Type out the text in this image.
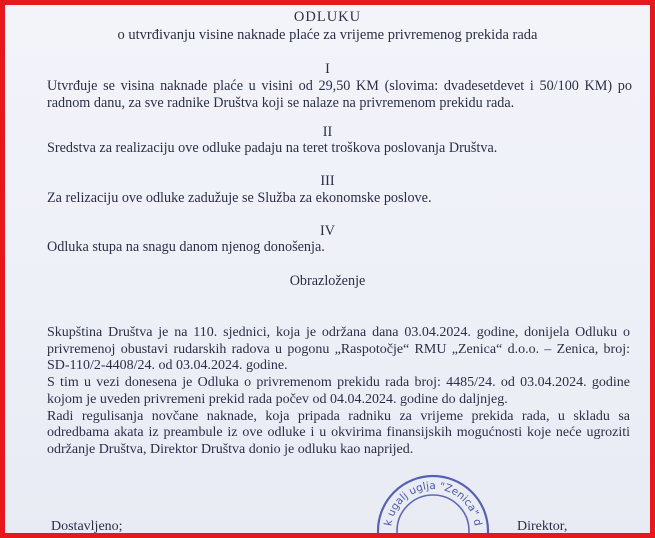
ODLUKU
o utvrđivanju visine naknade plaće za vrijeme privremenog prekida rada
I
Utvrđuje se visina naknade plaće u visini od 29,50 KM (slovima: dvadesetdevet i 50/100 KM) po
radnom danu, za sve radnike Društva koji se nalaze na privremenom prekidu rada.
II
Sredstva za realizaciju ove odluke padaju na teret troškova poslovanja Društva.
III
Za relizaciju ove odluke zadužuje se Služba za ekonomske poslove.
IV
Odluka stupa na snagu danom njenog donošenja.
Obrazloženje
Skupština Društva je na 110. sjednici, koja je održana dana 03.04.2024. godine, donijela Odluku o
privremenoj obustavi rudarskih radova u pogonu „Raspotočje“ RMU „Zenica“ d.o.o. – Zenica, broj:
SD-110/2-4408/24. od 03.04.2024. godine.
S tim u vezi donesena je Odluka o privremenom prekidu rada broj: 4485/24. od 03.04.2024. godine
kojom je uveden privremeni prekid rada počev od 04.04.2024. godine do daljnjeg.
Radi regulisanja novčane naknade, koja pripada radniku za vrijeme prekida rada, u skladu sa
odredbama akata iz preambule iz ove odluke i u okvirima finansijskih mogućnosti koje neće ugroziti
održanje Društva, Direktor Društva donio je odluku kao naprijed.
k ugalj uglja "Zenica" d
Dostavljeno;	Direktor,
